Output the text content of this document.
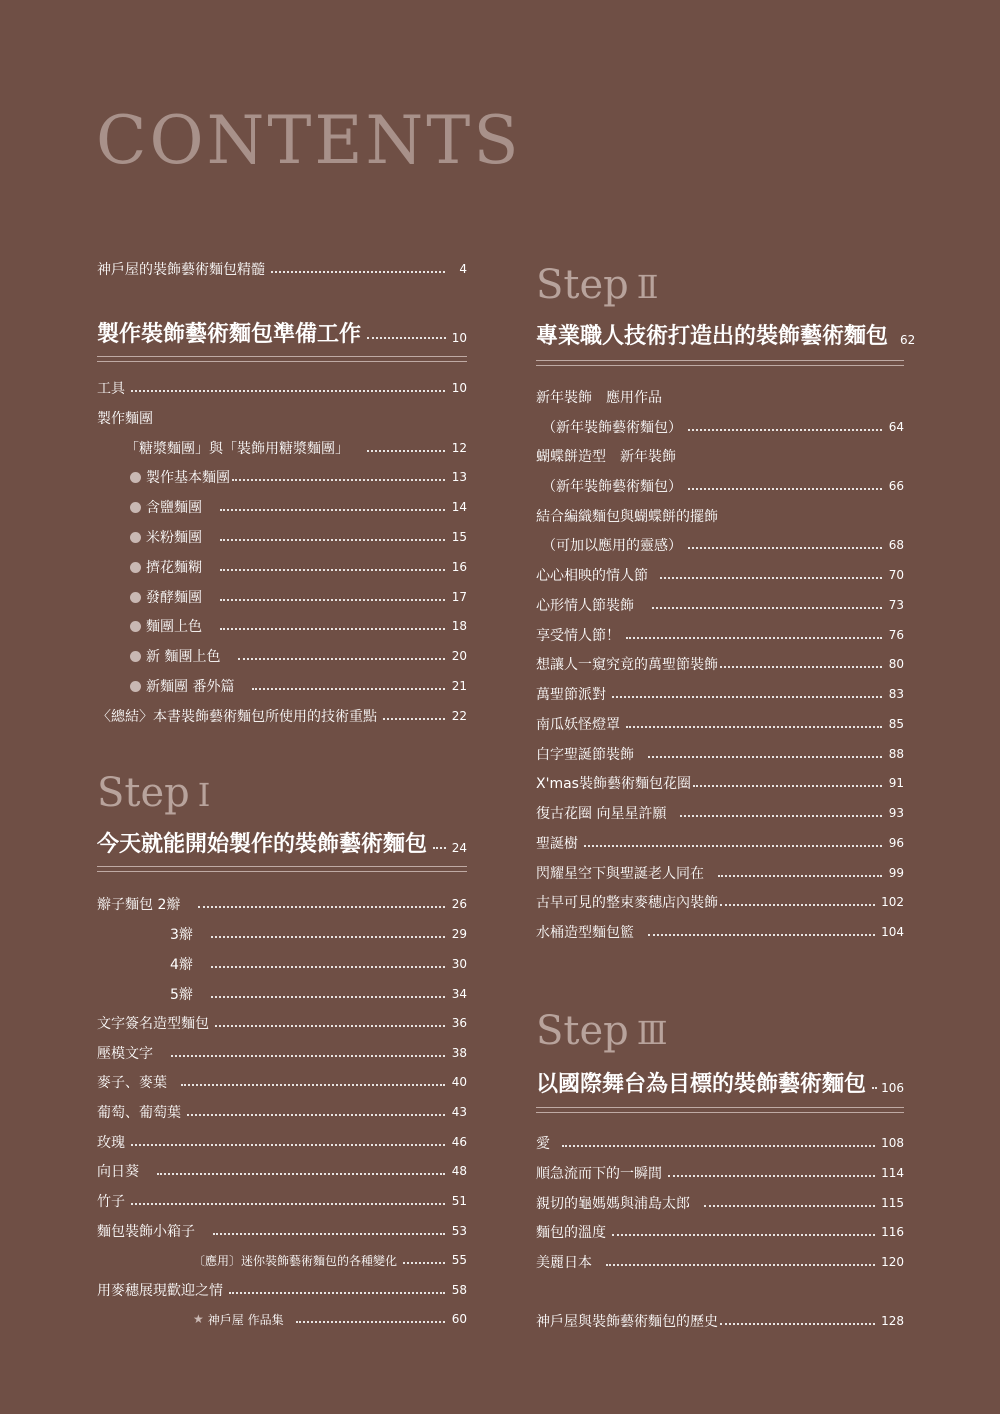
CONTENTS
神戶屋的裝飾藝術麵包精髓	4
製作裝飾藝術麵包準備工作	10
工具	10
製作麵團
「糖漿麵團」與「裝飾用糖漿麵團」	12
製作基本麵團	13
含鹽麵團	14
米粉麵團	15
擠花麵糊	16
發酵麵團	17
麵團上色	18
新 麵團上色	20
新麵團 番外篇	21
〈總結〉本書裝飾藝術麵包所使用的技術重點	22
Step Ⅰ
今天就能開始製作的裝飾藝術麵包 24
辮子麵包 2辮	26
3辮	29
4辮	30
5辮	34
文字簽名造型麵包	36
壓模文字	38
麥子、麥葉	40
葡萄、葡萄葉	43
玫瑰	46
向日葵	48
竹子	51
麵包裝飾小箱子	53
〔應用〕迷你裝飾藝術麵包的各種變化	55
用麥穗展現歡迎之情	58
★ 神戶屋 作品集	60
Step Ⅱ
專業職人技術打造出的裝飾藝術麵包 62
新年裝飾　應用作品
（新年裝飾藝術麵包）	64
蝴蝶餅造型　新年裝飾
（新年裝飾藝術麵包）	66
結合編織麵包與蝴蝶餅的擺飾
（可加以應用的靈感）	68
心心相映的情人節	70
心形情人節裝飾	73
享受情人節！	76
想讓人一窺究竟的萬聖節裝飾	80
萬聖節派對	83
南瓜妖怪燈罩	85
白字聖誕節裝飾	88
X'mas裝飾藝術麵包花圈	91
復古花圈 向星星許願	93
聖誕樹	96
閃耀星空下與聖誕老人同在	99
古早可見的整束麥穗店內裝飾	102
水桶造型麵包籃	104
Step Ⅲ
以國際舞台為目標的裝飾藝術麵包 106
愛	108
順急流而下的一瞬間	114
親切的龜媽媽與浦島太郎	115
麵包的溫度	116
美麗日本	120
神戶屋與裝飾藝術麵包的歷史	128
